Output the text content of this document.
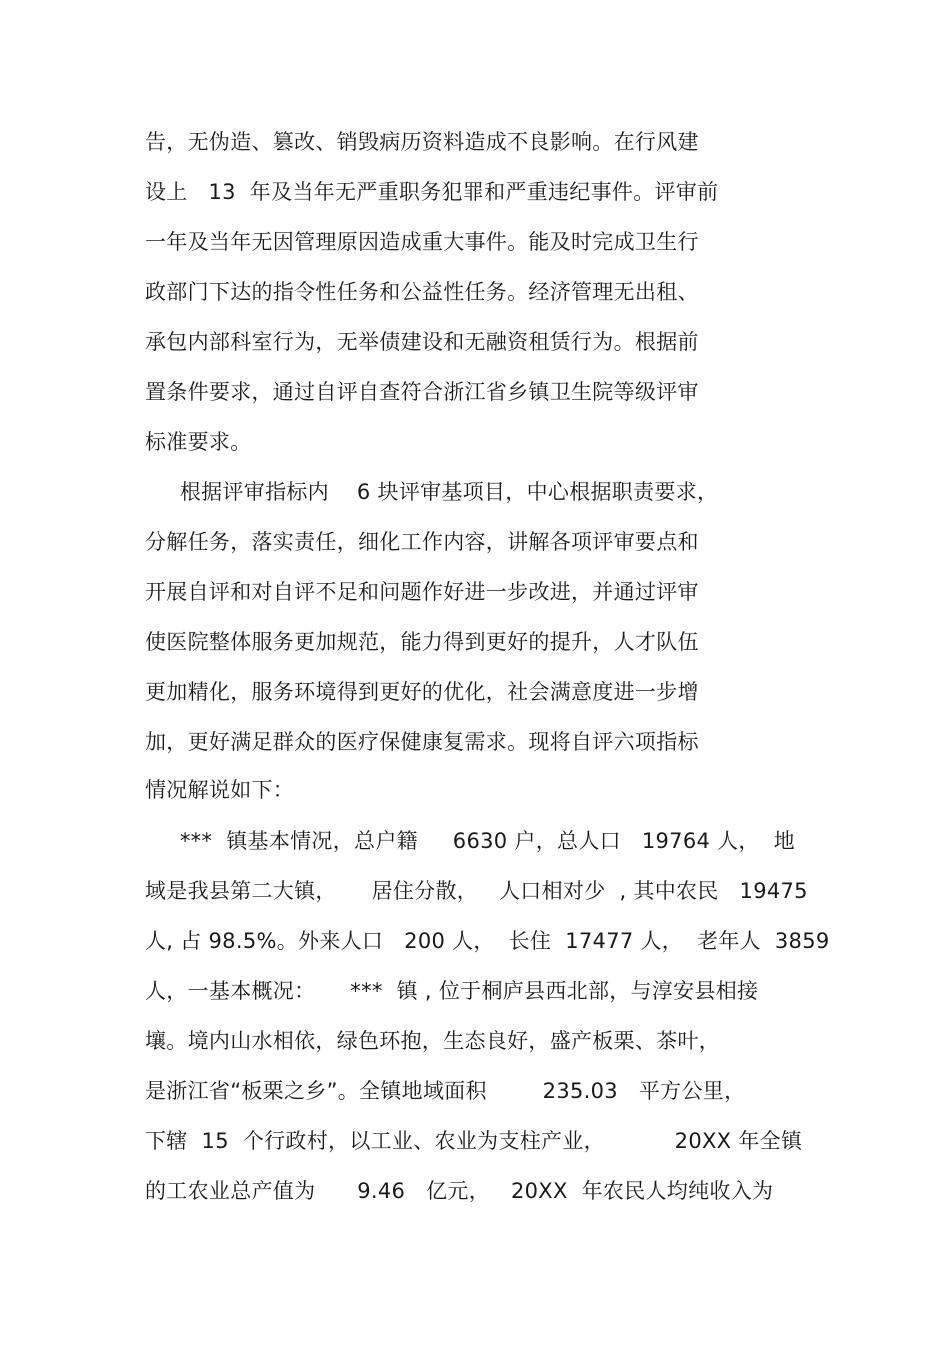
告，无伪造、篡改、销毁病历资料造成不良影响。在行风建
设上   13  年及当年无严重职务犯罪和严重违纪事件。评审前
一年及当年无因管理原因造成重大事件。能及时完成卫生行
政部门下达的指令性任务和公益性任务。经济管理无出租、
承包内部科室行为，无举债建设和无融资租赁行为。根据前
置条件要求，通过自评自查符合浙江省乡镇卫生院等级评审
标准要求。
根据评审指标内    6 块评审基项目，中心根据职责要求，
分解任务，落实责任，细化工作内容，讲解各项评审要点和
开展自评和对自评不足和问题作好进一步改进，并通过评审
使医院整体服务更加规范，能力得到更好的提升，人才队伍
更加精化，服务环境得到更好的优化，社会满意度进一步增
加，更好满足群众的医疗保健康复需求。现将自评六项指标
情况解说如下：
***  镇基本情况，总户籍     6630 户，总人口   19764 人，  地
域是我县第二大镇，     居住分散，   人口相对少  , 其中农民   19475
人, 占 98.5%。外来人口   200 人，  长住  17477 人，  老年人  3859
人，一基本概况：     ***  镇 , 位于桐庐县西北部，与淳安县相接
壤。境内山水相依，绿色环抱，生态良好，盛产板栗、茶叶，
是浙江省“板栗之乡”。全镇地域面积        235.03   平方公里，
下辖  15  个行政村，以工业、农业为支柱产业，          20XX 年全镇
的工农业总产值为      9.46   亿元，   20XX  年农民人均纯收入为
